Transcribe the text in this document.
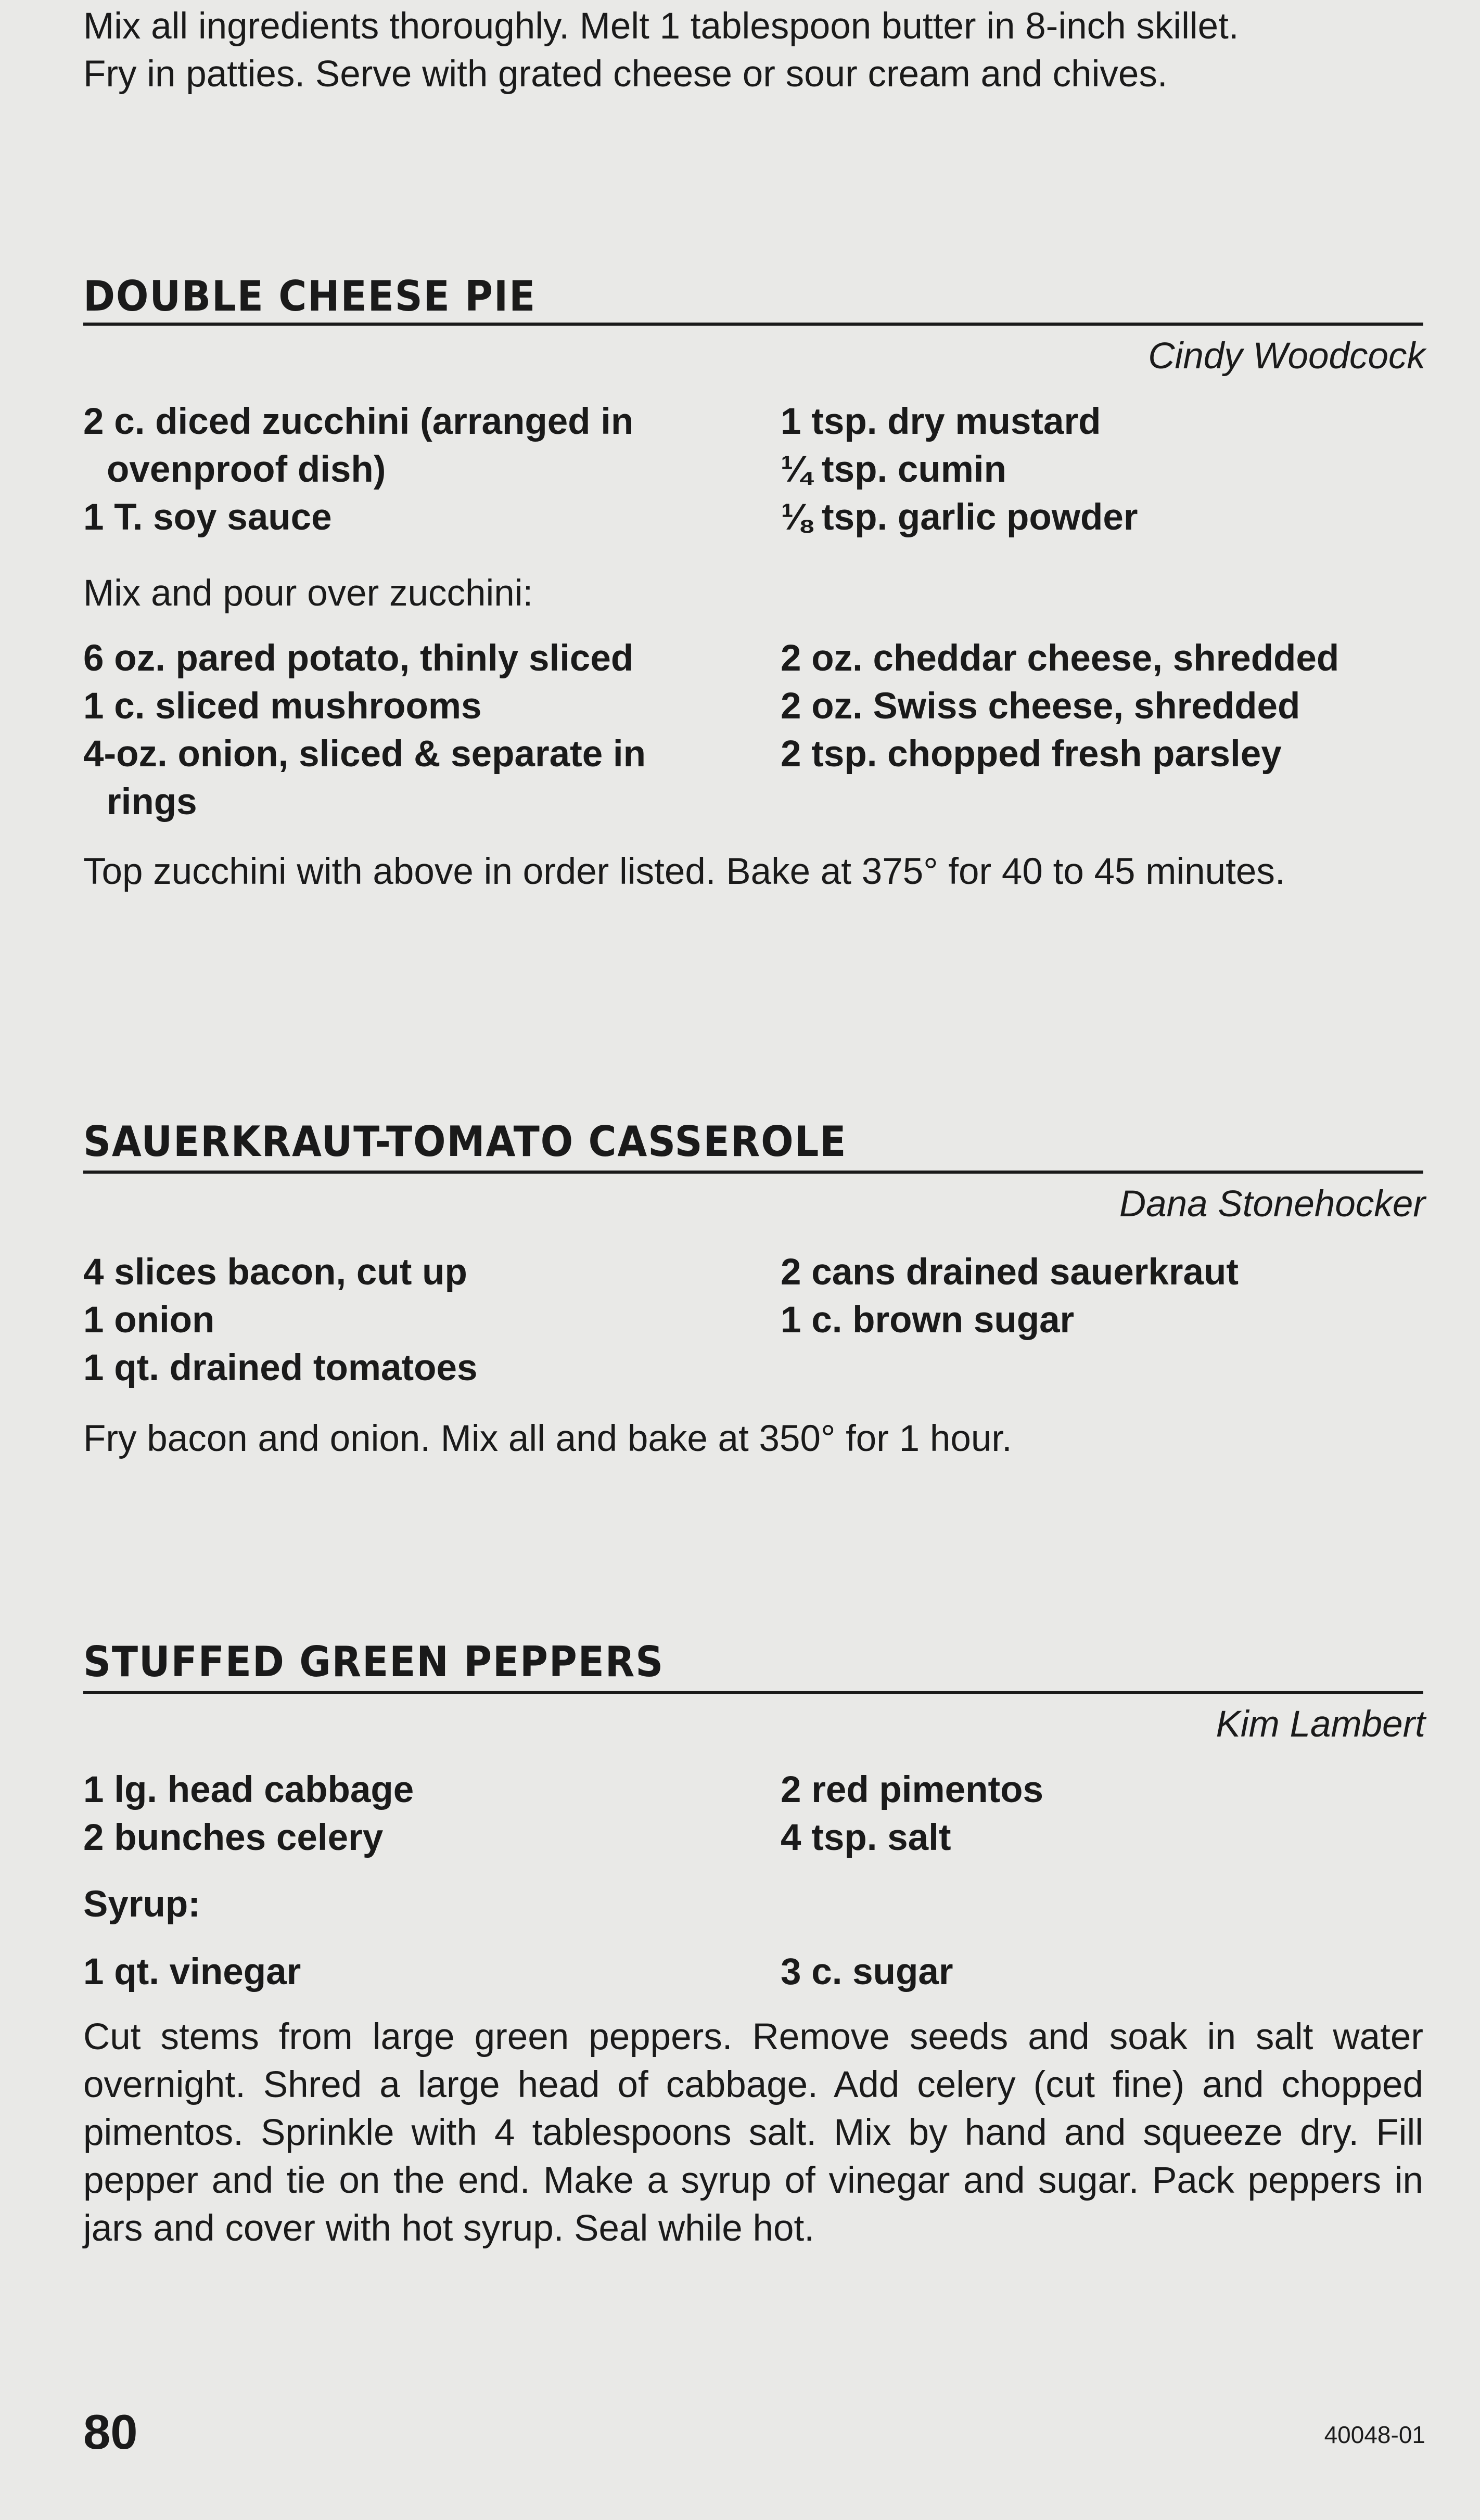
Mix all ingredients thoroughly. Melt 1 tablespoon butter in 8-inch skillet.
Fry in patties. Serve with grated cheese or sour cream and chives.
DOUBLE CHEESE PIE
Cindy Woodcock
2 c. diced zucchini (arranged in
ovenproof dish)
1 T. soy sauce
1 tsp. dry mustard
¼ tsp. cumin
⅛ tsp. garlic powder
Mix and pour over zucchini:
6 oz. pared potato, thinly sliced
1 c. sliced mushrooms
4-oz. onion, sliced & separate in
rings
2 oz. cheddar cheese, shredded
2 oz. Swiss cheese, shredded
2 tsp. chopped fresh parsley
Top zucchini with above in order listed. Bake at 375° for 40 to 45 minutes.
SAUERKRAUT-TOMATO CASSEROLE
Dana Stonehocker
4 slices bacon, cut up
1 onion
1 qt. drained tomatoes
2 cans drained sauerkraut
1 c. brown sugar
Fry bacon and onion. Mix all and bake at 350° for 1 hour.
STUFFED GREEN PEPPERS
Kim Lambert
1 lg. head cabbage
2 bunches celery
2 red pimentos
4 tsp. salt
Syrup:
1 qt. vinegar	3 c. sugar
Cut stems from large green peppers. Remove seeds and soak in salt water overnight. Shred a large head of cabbage. Add celery (cut fine) and chopped pimentos. Sprinkle with 4 tablespoons salt. Mix by hand and squeeze dry. Fill pepper and tie on the end. Make a syrup of vinegar and sugar. Pack peppers in jars and cover with hot syrup. Seal while hot.
80	40048-01
